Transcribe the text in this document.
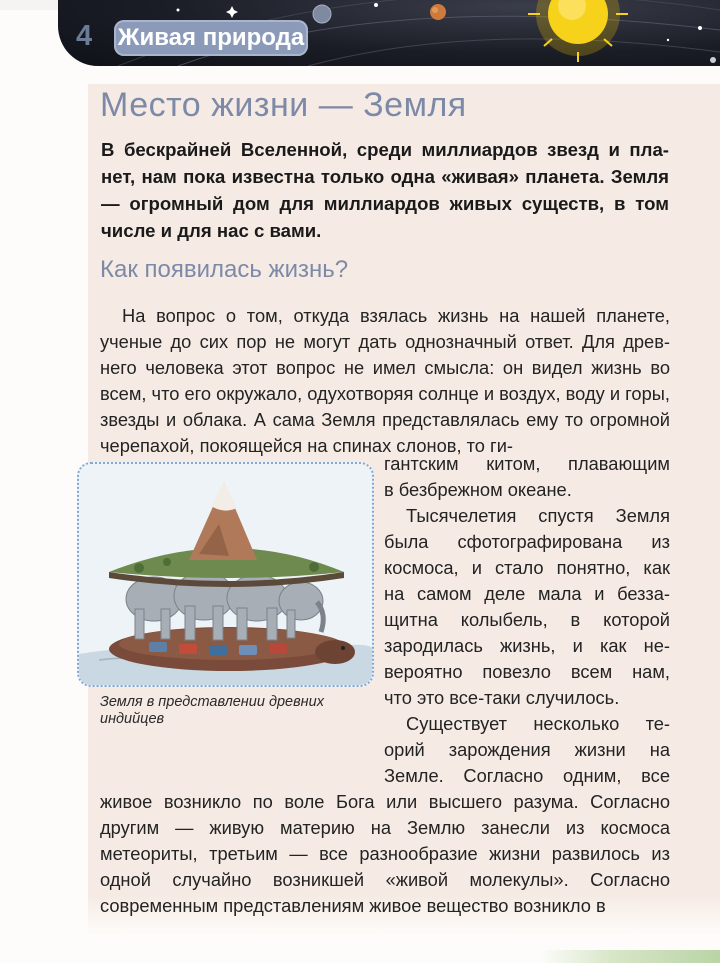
4 Живая природа
Место жизни — Земля

В бескрайней Вселенной, среди миллиардов звезд и пла- нет, нам пока известна только одна «живая» планета. Земля — огромный дом для миллиардов живых существ, в том числе и для нас с вами.

Как появилась жизнь?

На вопрос о том, откуда взялась жизнь на нашей планете, ученые до сих пор не могут дать однозначный ответ. Для древ- него человека этот вопрос не имел смысла: он видел жизнь во всем, что его окружало, одухотворяя солнце и воздух, воду и горы, звезды и облака. А сама Земля представлялась ему то огромной черепахой, покоящейся на спинах слонов, то ги-

гантским китом, плавающим

в безбрежном океане.

Тысячелетия спустя Земля

была сфотографирована из

космоса, и стало понятно, как

на самом деле мала и безза-

щитна колыбель, в которой

зародилась жизнь, и как не-

вероятно повезло всем нам,

что это все-таки случилось.

Существует несколько те-

орий зарождения жизни на

Земля в представлении древних
индийцев

живое возникло по воле Бога или высшего разума. Согласно другим — живую материю на Землю занесли из космоса метеориты, третьим — все разнообразие жизни развилось из одной случайно возникшей «живой молекулы». Согласно современным представлениям живое вещество возникло в

Земле. Согласно одним, все
